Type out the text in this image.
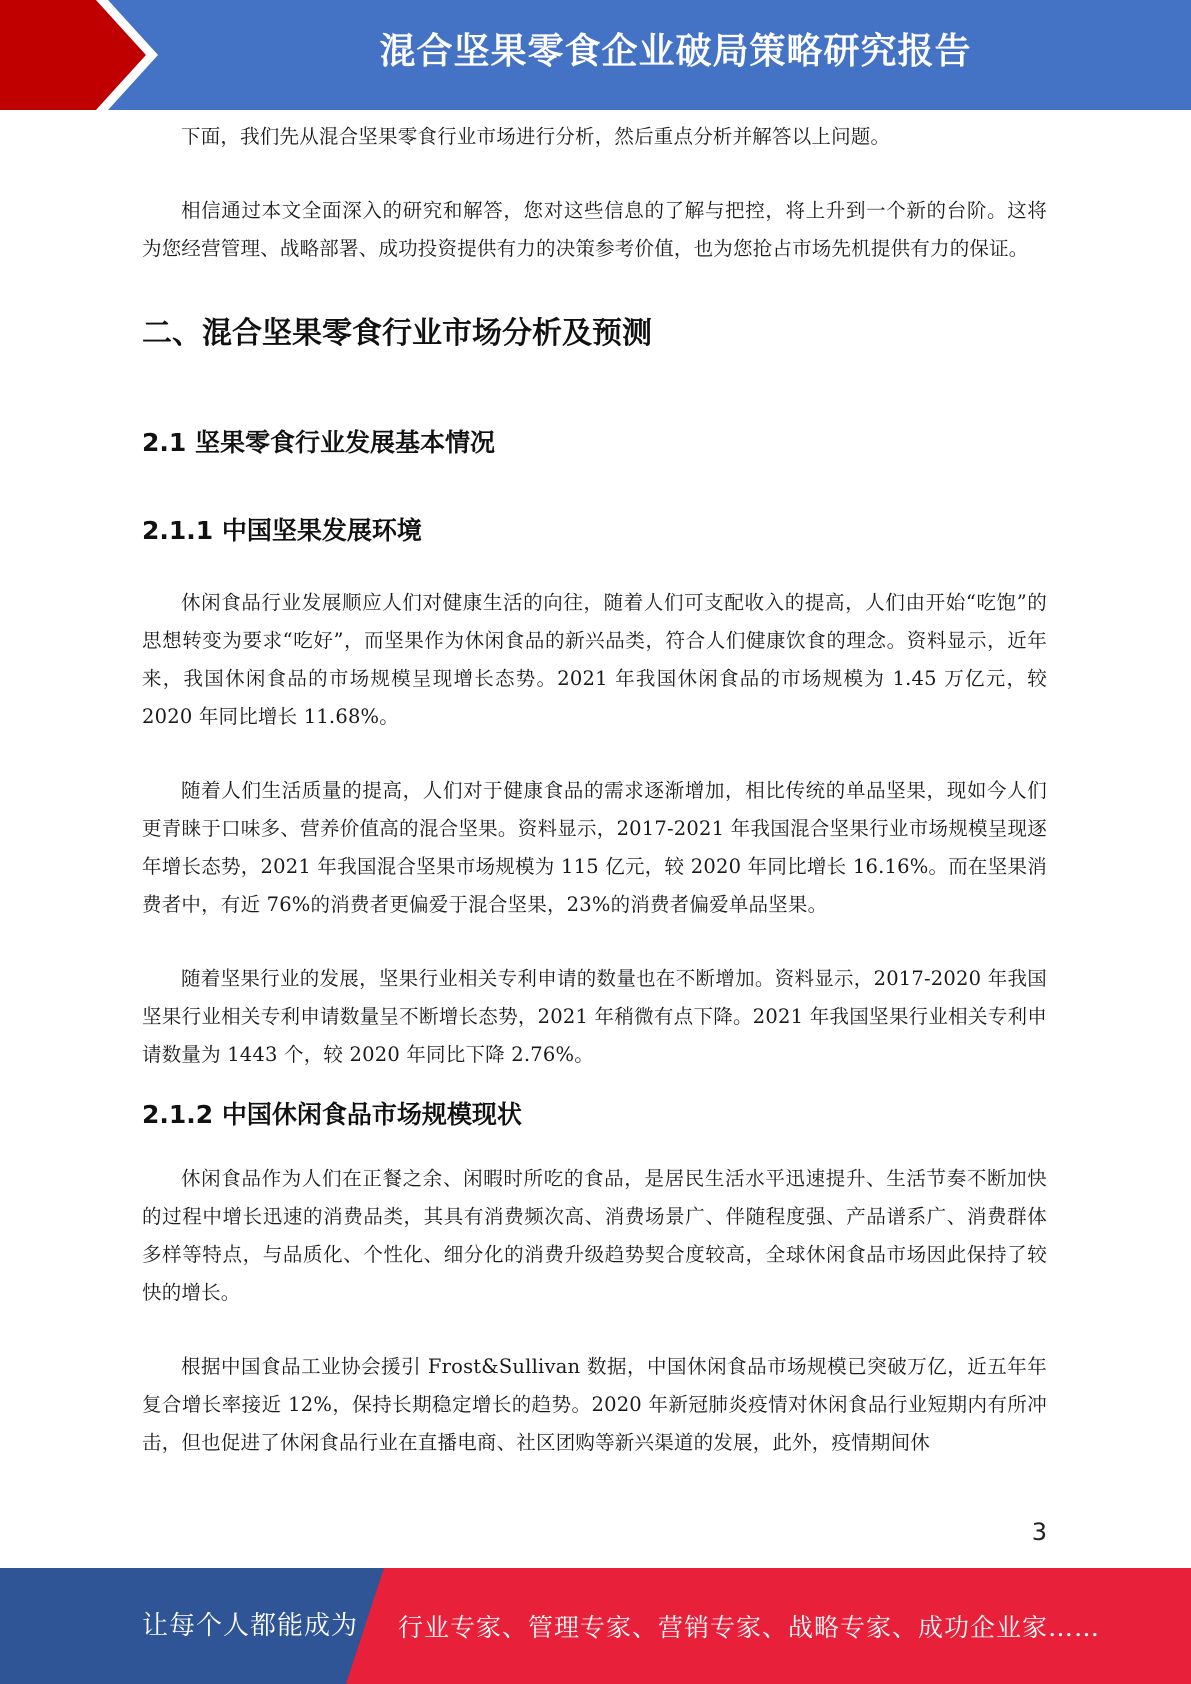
混合坚果零食企业破局策略研究报告

下面，我们先从混合坚果零食行业市场进行分析，然后重点分析并解答以上问题。

相信通过本文全面深入的研究和解答，您对这些信息的了解与把控，将上升到一个新的台阶。这将为您经营管理、战略部署、成功投资提供有力的决策参考价值，也为您抢占市场先机提供有力的保证。

二、混合坚果零食行业市场分析及预测
2.1 坚果零食行业发展基本情况
2.1.1 中国坚果发展环境

休闲食品行业发展顺应人们对健康生活的向往，随着人们可支配收入的提高，人们由开始“吃饱”的思想转变为要求“吃好”，而坚果作为休闲食品的新兴品类，符合人们健康饮食的理念。资料显示，近年来，我国休闲食品的市场规模呈现增长态势。2021 年我国休闲食品的市场规模为 1.45 万亿元，较 2020 年同比增长 11.68%。

随着人们生活质量的提高，人们对于健康食品的需求逐渐增加，相比传统的单品坚果，现如今人们更青睐于口味多、营养价值高的混合坚果。资料显示，2017-2021 年我国混合坚果行业市场规模呈现逐年增长态势，2021 年我国混合坚果市场规模为 115 亿元，较 2020 年同比增长 16.16%。而在坚果消费者中，有近 76%的消费者更偏爱于混合坚果，23%的消费者偏爱单品坚果。

随着坚果行业的发展，坚果行业相关专利申请的数量也在不断增加。资料显示，2017-2020 年我国坚果行业相关专利申请数量呈不断增长态势，2021 年稍微有点下降。2021 年我国坚果行业相关专利申请数量为 1443 个，较 2020 年同比下降 2.76%。

2.1.2 中国休闲食品市场规模现状

休闲食品作为人们在正餐之余、闲暇时所吃的食品，是居民生活水平迅速提升、生活节奏不断加快的过程中增长迅速的消费品类，其具有消费频次高、消费场景广、伴随程度强、产品谱系广、消费群体多样等特点，与品质化、个性化、细分化的消费升级趋势契合度较高，全球休闲食品市场因此保持了较快的增长。

根据中国食品工业协会援引 Frost&Sullivan 数据，中国休闲食品市场规模已突破万亿，近五年年复合增长率接近 12%，保持长期稳定增长的趋势。2020 年新冠肺炎疫情对休闲食品行业短期内有所冲击，但也促进了休闲食品行业在直播电商、社区团购等新兴渠道的发展，此外，疫情期间休

3
让每个人都能成为 行业专家、管理专家、营销专家、战略专家、成功企业家……
